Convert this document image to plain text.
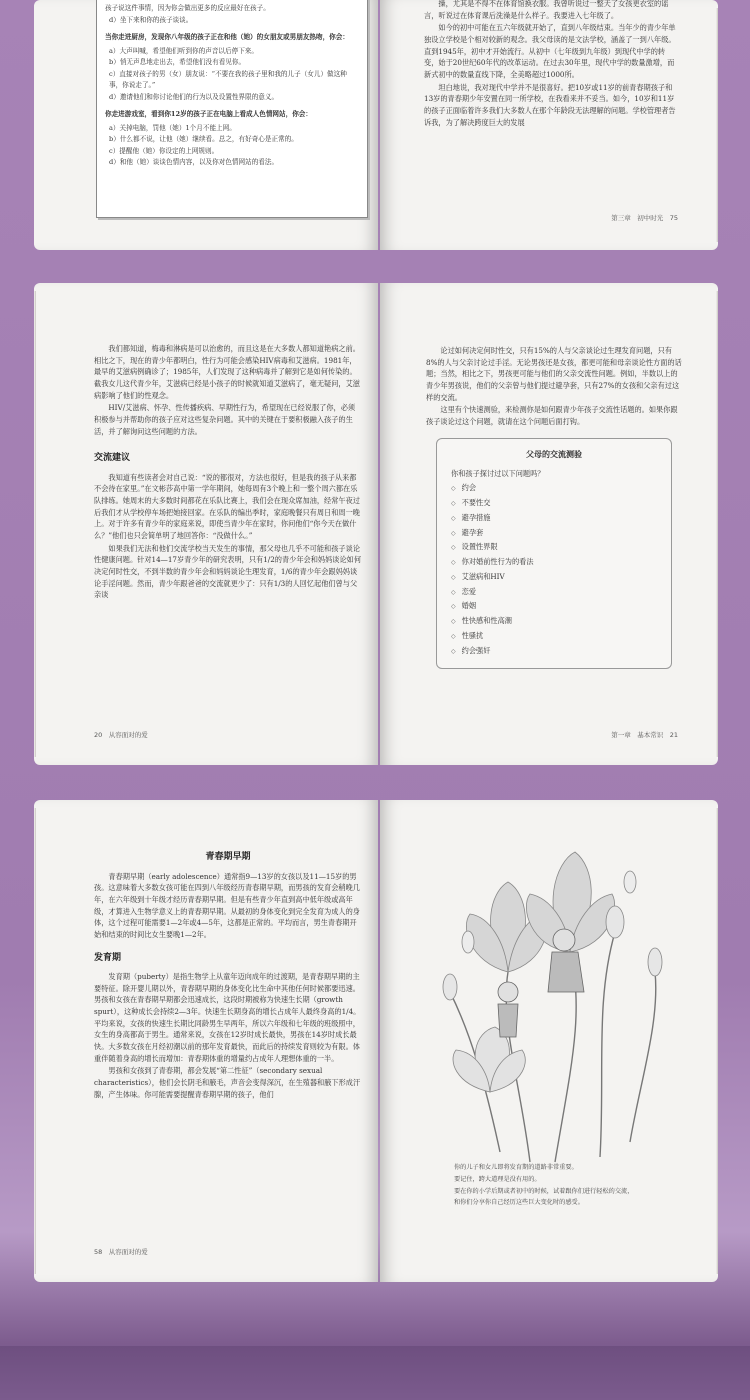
孩子说这件事情，因为你会做出更多的反应最好在孩子。
d）坐下来和你的孩子谈谈。
当你走进厨房，发现你八年级的孩子正在和他（她）的女朋友或男朋友热吻，你会：
a）大声叫喊，希望他们听到你的声音以后停下来。
b）悄无声息地走出去，希望他们没有看见你。
c）直接对孩子的男（女）朋友说：“不要在我的孩子里和我的儿子（女儿）做这种事，你说走了。”
d）邀请他们和你讨论他们的行为以及设置性界限的意义。
你走进游戏室，看到你12岁的孩子正在电脑上看成人色情网站，你会：
a）关掉电脑，罚他（她）1个月不能上网。
b）什么都不说，让他（她）继续看。总之，有好奇心是正常的。
c）提醒他（她）你设定的上网规则。
d）和他（她）谈谈色情内容，以及你对色情网站的看法。

操，尤其是不得不在体育馆换衣服。我曾听说过一整天了女孩更衣室的谣言，听说过在体育课后洗澡是什么样子。我要进入七年级了。

如今的初中可能在五六年级就开始了，直到八年级结束。当年少的青少年单独设立学校是个相对较新的观念。我父母读的是文法学校，涵盖了一到八年级。直到1945年，初中才开始流行。从初中（七年级到九年级）到现代中学的转变，始于20世纪60年代的改革运动。在过去30年里，现代中学的数量激增，而新式初中的数量直线下降，全美略超过1000所。

坦白地说，我对现代中学并不是很喜好。把10岁或11岁的前青春期孩子和13岁的青春期少年安置在同一所学校，在我看来并不妥当。如今，10岁和11岁的孩子正面临着许多我们大多数人在那个年龄段无法理解的问题。学校管理者告诉我，为了解决跨度巨大的发展

第三章　初中时光　75

我们都知道，梅毒和淋病是可以治愈的，而且这是在大多数人都知道艳病之前。相比之下，现在的青少年都明白，性行为可能会感染HIV病毒和艾滋病。1981年，最早的艾滋病例确诊了；1985年，人们发现了这种病毒并了解到它是如何传染的。截我女儿这代青少年，艾滋病已经是小孩子的时候就知道艾滋病了，毫无疑问，艾滋病影响了他们的性观念。

HIV/艾滋病、怀孕、性传播疾病、早期性行为，希望现在已经说服了你，必须积极参与并帮助你的孩子应对这些复杂问题。其中的关键在于要积极融入孩子的生活，并了解询问这些问题的方法。

交流建议

我知道有些读者会对自己说：“说的都很对，方法也很好，但是我的孩子从来都不会待在家里。”在文彬莎高中第一学年期间，她每周有3个晚上和一整个周六都在乐队排练。她周末的大多数时间都花在乐队比赛上，我们会在现众席加油，经常午夜过后我们才从学校停车场把她接回家。在乐队的编出季时，家庭晚餐只有周日和周一晚上。对于许多有青少年的家庭来说，即使当青少年在家时，你问他们“你今天在做什么？”他们也只会简单明了地回答你：“没做什么。”

如果我们无法和他们交流学校当天发生的事情，那父母也几乎不可能和孩子谈论性健康问题。针对14—17岁青少年的研究表明，只有1/2的青少年会和妈妈谈论如何决定何时性交，不到半数的青少年会和妈妈谈论生理发育，1/6的青少年会跟妈妈谈论手淫问题。然而，青少年跟爸爸的交流就更少了：只有1/3的人回忆起他们曾与父亲谈

20　从容面对的爱

论过如何决定何时性交，只有15%的人与父亲谈论过生理发育问题，只有8%的人与父亲讨论过手淫。无论男孩还是女孩，都更可能和母亲谈论性方面的话题；当然，相比之下，男孩更可能与他们的父亲交流性问题。例如，半数以上的青少年男孩说，他们的父亲曾与他们提过避孕套，只有27%的女孩和父亲有过这样的交流。

这里有个快速测验，来检测你是如何跟青少年孩子交流性话题的。如果你跟孩子谈论过这个问题，就请在这个问题后面打钩。

父母的交流测验
你和孩子探讨过以下问题吗？
◇ 约会
◇ 不要性交
◇ 避孕措施
◇ 避孕套
◇ 设置性界限
◇ 你对婚前性行为的看法
◇ 艾滋病和HIV
◇ 恋爱
◇ 婚姻
◇ 性快感和性高潮
◇ 性骚扰
◇ 约会强奸
第一章　基本常识　21
青春期早期

青春期早期（early adolescence）通常指9—13岁的女孩以及11—15岁的男孩。这意味着大多数女孩可能在四到八年级经历青春期早期，而男孩的发育会稍晚几年，在六年级到十年级才经历青春期早期。但是有些青少年直到高中低年级或高年级，才算进入生物学意义上的青春期早期。从最初的身体变化到完全发育为成人的身体，这个过程可能需要1—2年或4—5年，这都是正常的。平均而言，男生青春期开始和结束的时间比女生要晚1—2年。

发育期

发育期（puberty）是指生物学上从童年迈向成年的过渡期，是青春期早期的主要特征。除开婴儿期以外，青春期早期的身体变化比生命中其他任何时候都要迅速。男孩和女孩在青春期早期都会迅速成长，这段时期被称为快速生长期（growth spurt），这种成长会持续2—3年。快速生长期身高的增长占成年人最终身高的1/4。平均来说，女孩的快速生长期比同龄男生早两年，所以六年级和七年级的班级照中，女生的身高都高于男生。通常来说，女孩在12岁时成长最快，男孩在14岁时成长最快。大多数女孩在月经初潮以前的那年发育最快，而此后的持续发育则较为有限。体重伴随着身高的增长而增加：青春期体重的增量约占成年人理想体重的一半。

男孩和女孩到了青春期，都会发展“第二性征”（secondary sexual characteristics），他们会长阴毛和腋毛，声音会变得深沉，在生殖器和腋下形成汗腺，产生体味。你可能需要提醒青春期早期的孩子，他们

58　从容面对的爱
你的儿子和女儿即将发育期的道路非常重要。
要记住，跨大道理是没有用的。
要在你的小学后期或者初中的时候，试着跟你们进行轻松的交流，
和你们分享你自己经历这些巨大变化时的感受。
